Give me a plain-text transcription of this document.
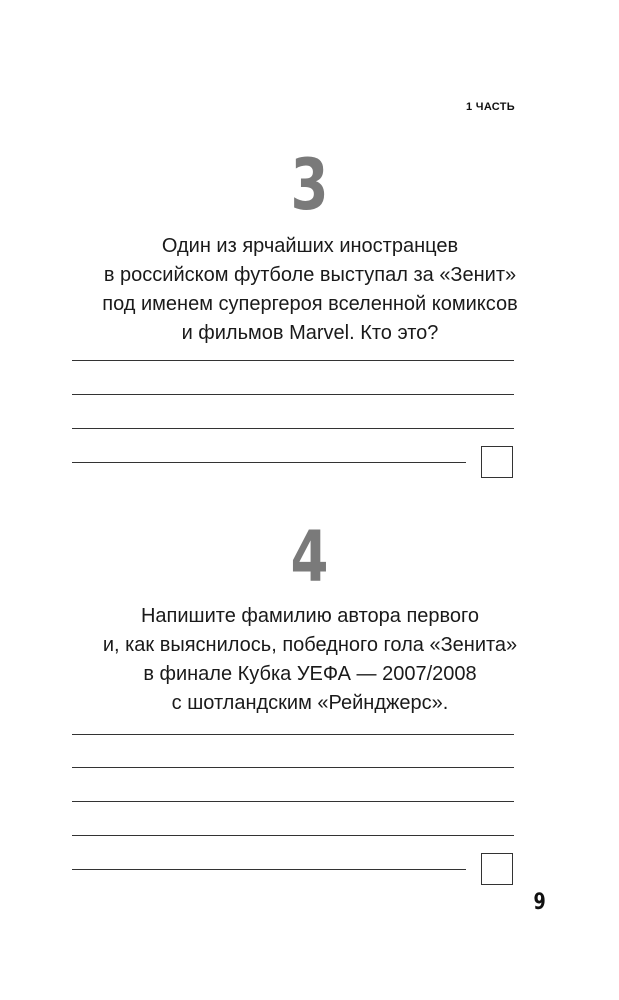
1 ЧАСТЬ
3
Один из ярчайших иностранцев
в российском футболе выступал за «Зенит»
под именем супергероя вселенной комиксов
и фильмов Marvel. Кто это?
4
Напишите фамилию автора первого
и, как выяснилось, победного гола «Зенита»
в финале Кубка УЕФА — 2007/2008
с шотландским «Рейнджерс».
9
